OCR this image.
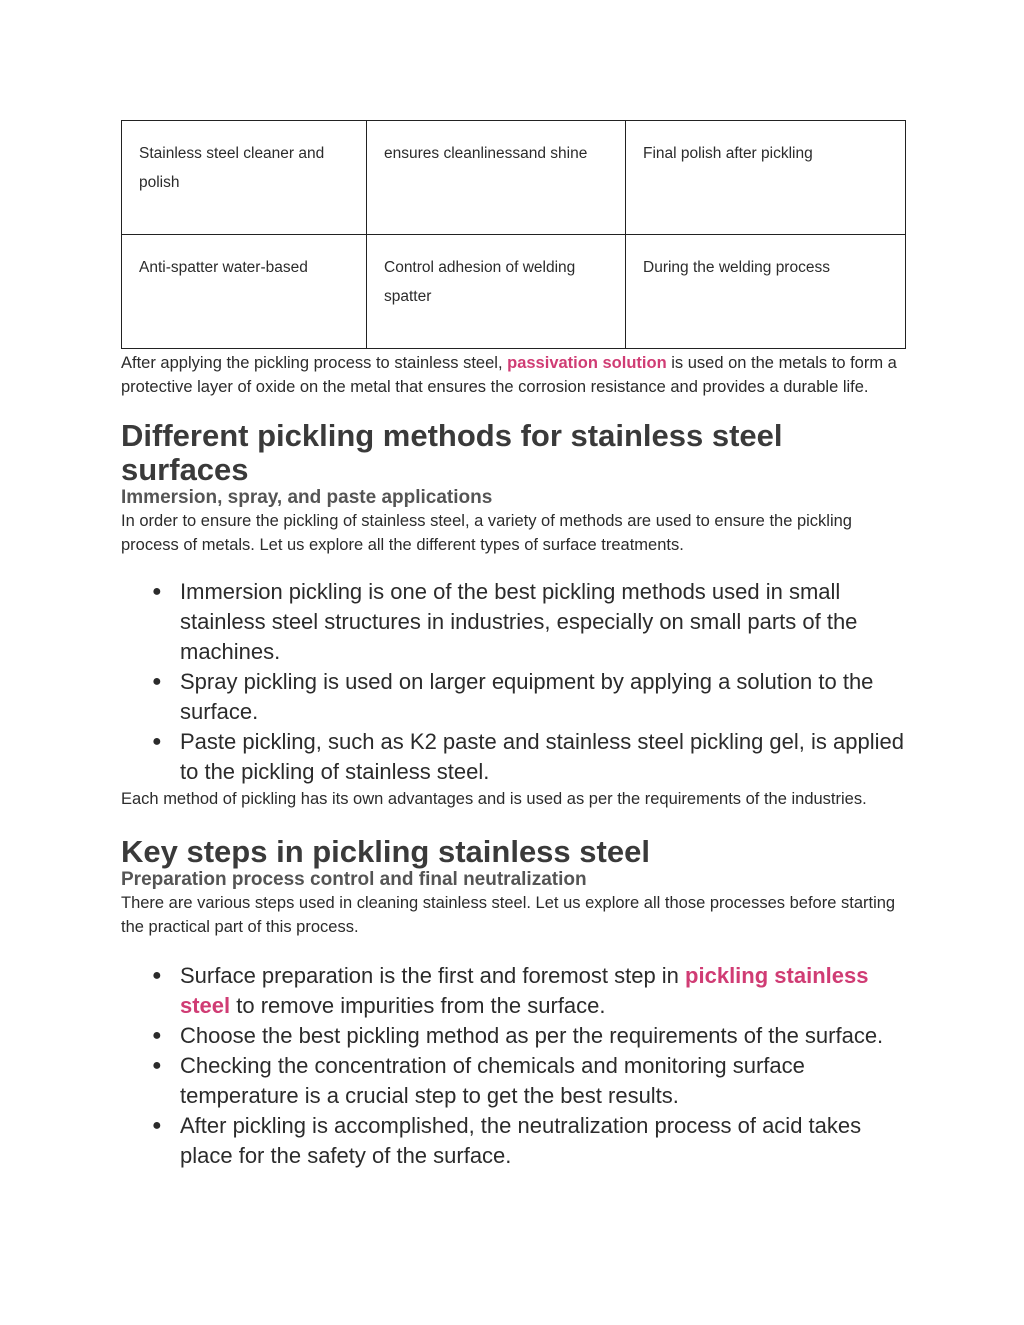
Stainless steel cleaner and polish	ensures cleanlinessand shine	Final polish after pickling
Anti-spatter water-based	Control adhesion of welding spatter	During the welding process

After applying the pickling process to stainless steel, passivation solution is used on the metals to form a protective layer of oxide on the metal that ensures the corrosion resistance and provides a durable life.

Different pickling methods for stainless steel surfaces
Immersion, spray, and paste applications

In order to ensure the pickling of stainless steel, a variety of methods are used to ensure the pickling process of metals. Let us explore all the different types of surface treatments.

● Immersion pickling is one of the best pickling methods used in small stainless steel structures in industries, especially on small parts of the machines.
● Spray pickling is used on larger equipment by applying a solution to the surface.
● Paste pickling, such as K2 paste and stainless steel pickling gel, is applied to the pickling of stainless steel.

Each method of pickling has its own advantages and is used as per the requirements of the industries.

Key steps in pickling stainless steel
Preparation process control and final neutralization

There are various steps used in cleaning stainless steel. Let us explore all those processes before starting the practical part of this process.

● Surface preparation is the first and foremost step in pickling stainless steel to remove impurities from the surface.
● Choose the best pickling method as per the requirements of the surface.
● Checking the concentration of chemicals and monitoring surface temperature is a crucial step to get the best results.
● After pickling is accomplished, the neutralization process of acid takes place for the safety of the surface.
